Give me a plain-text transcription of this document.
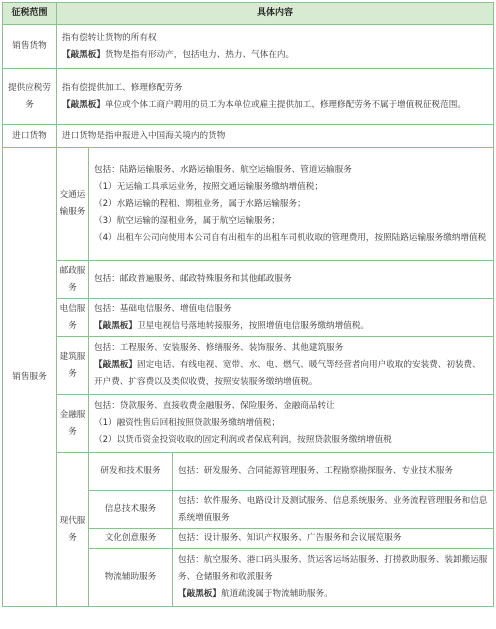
征税范围	具体内容		
销售货物	指有偿转让货物的所有权
【敲黑板】货物是指有形动产，包括电力、热力、气体在内。		

提供应税劳务	指有偿提供加工、修理修配劳务
【敲黑板】单位或个体工商户聘用的员工为本单位或雇主提供加工、修理修配劳务不属于增值税征税范围。		

进口货物	进口货物是指申报进入中国海关境内的货物		
销售服务	交通运输服务	包括：陆路运输服务、水路运输服务、航空运输服务、管道运输服务
（1）无运输工具承运业务，按照交通运输服务缴纳增值税；
（2）水路运输的程租、期租业务，属于水路运输服务；
（3）航空运输的湿租业务，属于航空运输服务；
（4）出租车公司向使用本公司自有出租车的出租车司机收取的管理费用，按照陆路运输服务缴纳增值税	

	邮政服务	包括：邮政普遍服务、邮政特殊服务和其他邮政服务	
	电信服务	包括：基础电信服务、增值电信服务
【敲黑板】卫星电视信号落地转接服务，按照增值电信服务缴纳增值税。	

	建筑服务	包括：工程服务、安装服务、修缮服务、装饰服务、其他建筑服务
【敲黑板】固定电话、有线电视、宽带、水、电、燃气、暖气等经营者向用户收取的安装费、初装费、开户费、扩容费以及类似收费，按照安装服务缴纳增值税。	

	金融服务	包括：贷款服务、直接收费金融服务、保险服务、金融商品转让
（1）融资性售后回租按照贷款服务缴纳增值税；
（2）以货币资金投资收取的固定利润或者保底利润，按照贷款服务缴纳增值税	

	现代服务	研发和技术服务	包括：研发服务、合同能源管理服务、工程勘察勘探服务、专业技术服务
		信息技术服务	包括：软件服务、电路设计及测试服务、信息系统服务、业务流程管理服务和信息系统增值服务
		文化创意服务	包括：设计服务、知识产权服务、广告服务和会议展览服务
		物流辅助服务	包括：航空服务、港口码头服务、货运客运场站服务、打捞救助服务、装卸搬运服务、仓储服务和收派服务
【敲黑板】航道疏浚属于物流辅助服务。
